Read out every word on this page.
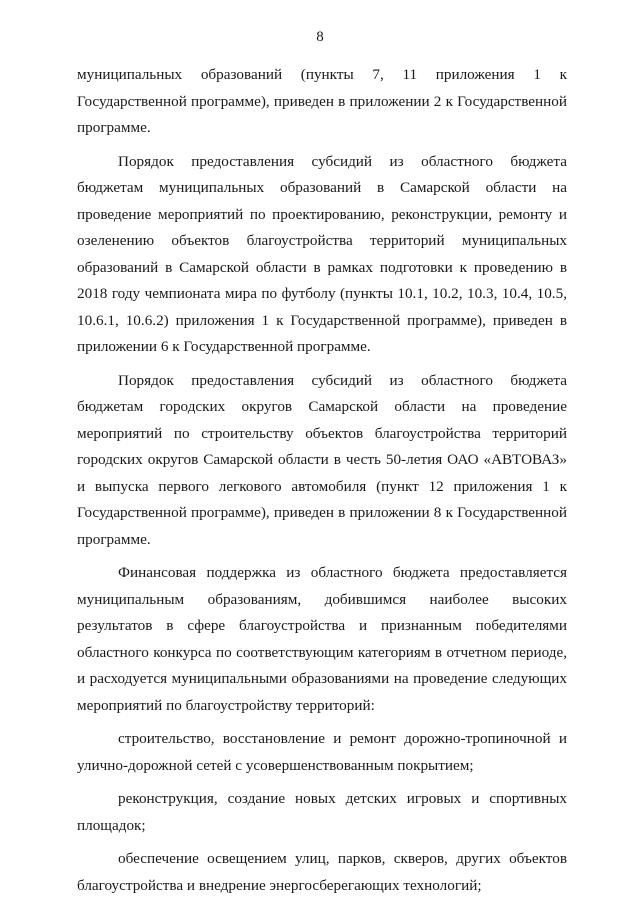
8

муниципальных образований (пункты 7, 11 приложения 1 к Государственной программе), приведен в приложении 2 к Государственной программе.

Порядок предоставления субсидий из областного бюджета бюджетам муниципальных образований в Самарской области на проведение мероприятий по проектированию, реконструкции, ремонту и озеленению объектов благоустройства территорий муниципальных образований в Самарской области в рамках подготовки к проведению в 2018 году чемпионата мира по футболу (пункты 10.1, 10.2, 10.3, 10.4, 10.5, 10.6.1, 10.6.2) приложения 1 к Государственной программе), приведен в приложении 6 к Государственной программе.

Порядок предоставления субсидий из областного бюджета бюджетам городских округов Самарской области на проведение мероприятий по строительству объектов благоустройства территорий городских округов Самарской области в честь 50-летия ОАО «АВТОВАЗ» и выпуска первого легкового автомобиля (пункт 12 приложения 1 к Государственной программе), приведен в приложении 8 к Государственной программе.

Финансовая поддержка из областного бюджета предоставляется муниципальным образованиям, добившимся наиболее высоких результатов в сфере благоустройства и признанным победителями областного конкурса по соответствующим категориям в отчетном периоде, и расходуется муниципальными образованиями на проведение следующих мероприятий по благоустройству территорий:

строительство, восстановление и ремонт дорожно-тропиночной и улично-дорожной сетей с усовершенствованным покрытием;

реконструкция, создание новых детских игровых и спортивных площадок;

обеспечение освещением улиц, парков, скверов, других объектов благоустройства и внедрение энергосберегающих технологий;
